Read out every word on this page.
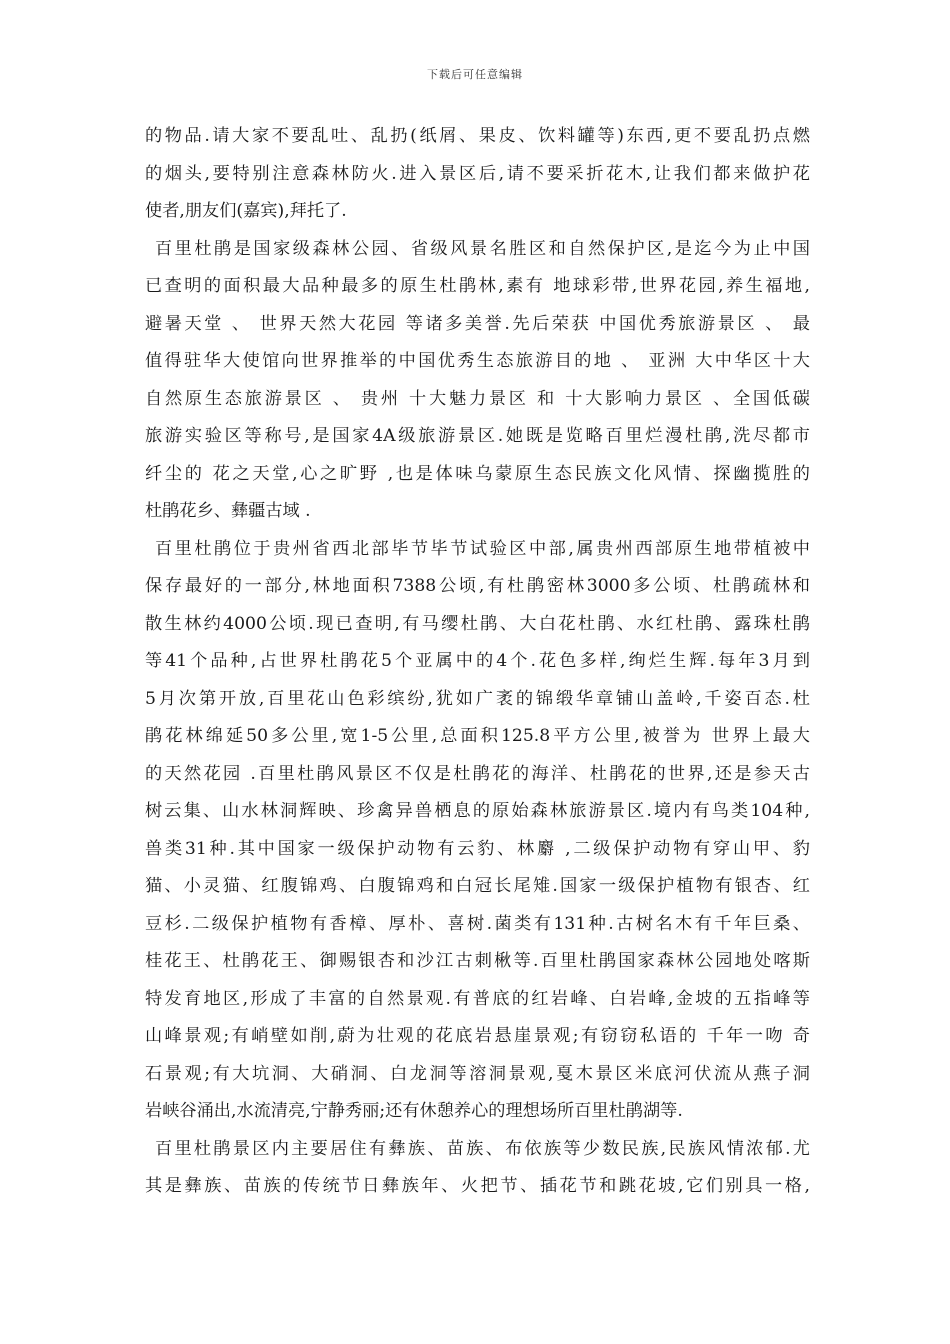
下载后可任意编辑
的物品.请大家不要乱吐、乱扔(纸屑、果皮、饮料罐等)东西,更不要乱扔点燃
的烟头,要特别注意森林防火.进入景区后,请不要采折花木,让我们都来做护花
使者,朋友们(嘉宾),拜托了.
百里杜鹃是国家级森林公园、省级风景名胜区和自然保护区,是迄今为止中国
已查明的面积最大品种最多的原生杜鹃林,素有 地球彩带,世界花园,养生福地,
避暑天堂 、 世界天然大花园 等诸多美誉.先后荣获 中国优秀旅游景区 、 最
值得驻华大使馆向世界推举的中国优秀生态旅游目的地 、 亚洲 大中华区十大
自然原生态旅游景区 、 贵州 十大魅力景区 和 十大影响力景区 、全国低碳
旅游实验区等称号,是国家4A级旅游景区.她既是览略百里烂漫杜鹃,洗尽都市
纤尘的 花之天堂,心之旷野 ,也是体味乌蒙原生态民族文化风情、探幽揽胜的
杜鹃花乡、彝疆古域 .
百里杜鹃位于贵州省西北部毕节毕节试验区中部,属贵州西部原生地带植被中
保存最好的一部分,林地面积7388公顷,有杜鹃密林3000多公顷、杜鹃疏林和
散生林约4000公顷.现已查明,有马缨杜鹃、大白花杜鹃、水红杜鹃、露珠杜鹃
等41个品种,占世界杜鹃花5个亚属中的4个.花色多样,绚烂生辉.每年3月到
5月次第开放,百里花山色彩缤纷,犹如广袤的锦缎华章铺山盖岭,千姿百态.杜
鹃花林绵延50多公里,宽1-5公里,总面积125.8平方公里,被誉为 世界上最大
的天然花园 .百里杜鹃风景区不仅是杜鹃花的海洋、杜鹃花的世界,还是参天古
树云集、山水林洞辉映、珍禽异兽栖息的原始森林旅游景区.境内有鸟类104种,
兽类31种.其中国家一级保护动物有云豹、林麝 ,二级保护动物有穿山甲、豹
猫、小灵猫、红腹锦鸡、白腹锦鸡和白冠长尾雉.国家一级保护植物有银杏、红
豆杉.二级保护植物有香樟、厚朴、喜树.菌类有131种.古树名木有千年巨桑、
桂花王、杜鹃花王、御赐银杏和沙江古刺楸等.百里杜鹃国家森林公园地处喀斯
特发育地区,形成了丰富的自然景观.有普底的红岩峰、白岩峰,金坡的五指峰等
山峰景观;有峭壁如削,蔚为壮观的花底岩悬崖景观;有窃窃私语的 千年一吻 奇
石景观;有大坑洞、大硝洞、白龙洞等溶洞景观,戛木景区米底河伏流从燕子洞
岩峡谷涌出,水流清亮,宁静秀丽;还有休憩养心的理想场所百里杜鹃湖等.
百里杜鹃景区内主要居住有彝族、苗族、布依族等少数民族,民族风情浓郁.尤
其是彝族、苗族的传统节日彝族年、火把节、插花节和跳花坡,它们别具一格,
